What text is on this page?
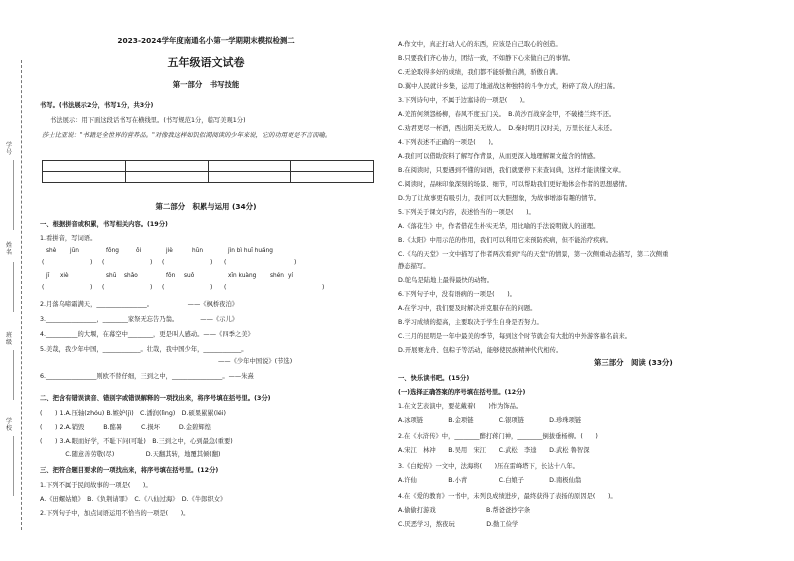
学号
姓名
班级
学校
2023-2024学年度南通名小第一学期期末模拟检测二
五年级语文试卷
第一部分　书写技能
书写。(书法展示2分，书写1分，共3分)
书法展示：用下面这段话书写在横线里。(书写规范1分，临写美观1分)
莎士比亚说："书籍是全世界的营养品。"对像我这样如饥似渴阅读的少年来说，它的功用更是不言而喻。

第二部分　积累与运用 (34分)
一、根据拼音或积累，书写相关内容。(19分)
1.看拼音，写词语。
shè jūn	fǒng	ǒi	jiè	hūn	jìn bì huī huáng
(	) (	) (	) (	)
jī xiè	shū shǎo	fǒn suǒ	xīn kuàng shén yí
(	) (	) (	) (	)
2.月落乌啼霜满天，________________。　　　　　　——《枫桥夜泊》
3.________________，________家祭无忘告乃翁。　　　　——《示儿》
4.__________的大堰，在幕空中________，更是叫人感动。——《四季之美》
5.美哉，我少年中国，____________。壮哉，我中国少年，____________。
——《少年中国说》(节选)
6.________________则欧不替仔细，三到之中，________________。——朱熹
二、把含有错误读音、错别字或错误解释的一项找出来，将序号填在括号里。(3分)
(　　) 1.A.压轴(zhóu) B.嫉妒(jì)　C.潘润(lìng)　D.硕果累累(léi)
(　　) 2.A.销毁　　　B.酩暑　　　C.损坏　　　D.金碧辉煌
(　　) 3.A.眼而好学，不耻下问(可耻)　B.三到之中，心到最急(重要)
　　　　C.随意善劳敬(尽)　　　　　D.天翻其转，地覆其倾(翻)
三、把符合题目要求的一项找出来，将序号填在括号里。(12分)
1.下列不属于民间故事的一项是(　　)。
A.《田螺姑娘》　B.《负荆请罪》　C.《八仙过海》　D.《牛郎织女》
2.下列句子中，加点词语运用不恰当的一项是(　　)。
A.作文中，真正打动人心的东西，应该是自己取心的创造。
B.只要我们齐心协力，团结一致，不如静下心来做自己的事情。
C.无论取得多好的成绩，我们都不能骄傲自满，骄傲自满。
D.翼中人民就计乡集，运用了地道战这种独特的斗争方式，粉碎了敌人的扫荡。
3.下列诗句中，不属于边塞诗的一项是(　　)。
A.羌笛何须怨杨柳，春风不度玉门关。　B.黄沙百战穿金甲，不破楼兰终不还。
C.劝君更尽一杯酒，西出阳关无故人。　D.秦时明月汉时关，万里长征人未还。
4.下列表述不正确的一项是(　　)。
A.我们可以借助资料了解写作背景，从而更深入地理解课文蕴含的情感。
B.在阅读时，只要遇到不懂的词语，我们就要停下来查词典，这样才能读懂文章。
C.阅读时，品味印象深刻的场景、细节，可以帮助我们更好地体会作者的思想感情。
D.为了让故事更有吸引力，我们可以大胆想象，为故事增添有趣的情节。
5.下列关于课文内容，表述恰当的一项是(　　)。
A.《落花生》中，作者借花生朴实无华，用比喻的手法说明做人的道理。
B.《太阳》中用示范的作用，我们可以利用它来预防疾病，但不能治疗疾病。
C.《鸟的天堂》一文中描写了作者两次看到"鸟的天堂"的情景，第一次侧重动态描写，第二次侧重
静态描写。
D.鸵鸟是陆地上最得最快的动物。
6.下列句子中，没有语病的一项是(　　)。
A.在学习中，我们要及时解决并克服存在的问题。
B.学习成绩的提高，主要取决于学生自身是否努力。
C.三月的昆明是一年中最美的季节，每到这个时节就会有大批的中外游客慕名前来。
D.开展赛龙舟、包粽子等活动，能够使民族精神代代相传。
第三部分　阅读 (33分)
一、快乐读书吧。(15分)
(一)选择正确答案的序号填在括号里。(12分)
1.在文艺表演中，要花戴着(　　)作为饰品。
A.冰项链　　　　B.金项链　　　　C.银项链　　　　D.珍珠项链
2.在《水浒传》中，________醉打蒋门神，________倒拔垂杨柳。(　　)
A.宋江　林冲　　B.吴用　宋江　　C.武松　李逵　　D.武松 鲁智深
3.《白蛇传》一文中，法海将(　　)压在雷峰塔下，长达十八年。
A.许仙　　　　　B.小青　　　　　C.白娘子　　　　D.南极仙翁
4.在《爱的教育》一书中，未列良成绩进步，最终获得了表扬的原因是(　　)。
A.偷偷打游戏　　　　　　　　B.帮爸爸抄字条
C.厌恶学习，熬夜玩　　　　　D.勤工俭学
